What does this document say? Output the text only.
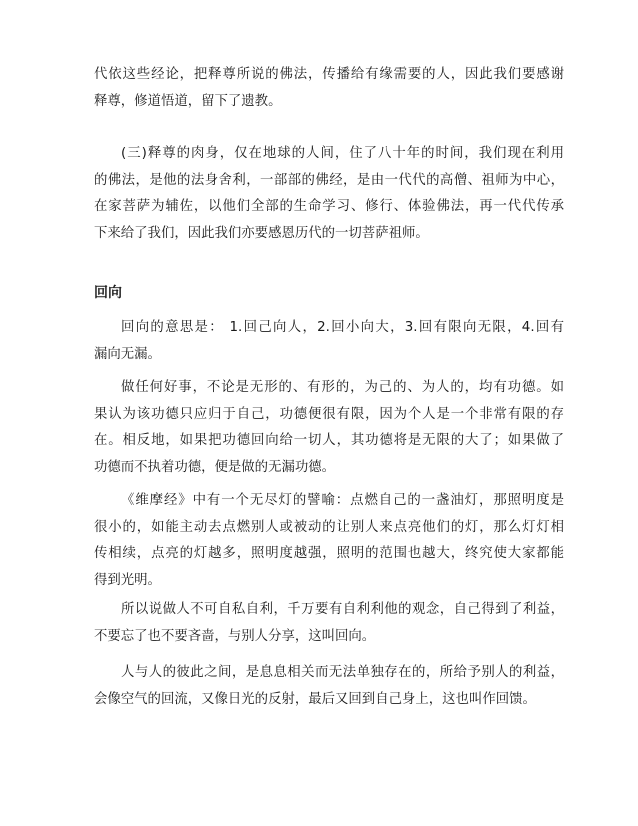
代依这些经论，把释尊所说的佛法，传播给有缘需要的人，因此我们要感谢
释尊，修道悟道，留下了遗教。

(三)释尊的肉身，仅在地球的人间，住了八十年的时间，我们现在利用
的佛法，是他的法身舍利，一部部的佛经，是由一代代的高僧、祖师为中心，
在家菩萨为辅佐，以他们全部的生命学习、修行、体验佛法，再一代代传承
下来给了我们，因此我们亦要感恩历代的一切菩萨祖师。

回向

回向的意思是： 1.回己向人，2.回小向大，3.回有限向无限，4.回有
漏向无漏。

做任何好事，不论是无形的、有形的，为己的、为人的，均有功德。如
果认为该功德只应归于自己，功德便很有限，因为个人是一个非常有限的存
在。相反地，如果把功德回向给一切人，其功德将是无限的大了；如果做了
功德而不执着功德，便是做的无漏功德。

《维摩经》中有一个无尽灯的譬喻：点燃自己的一盏油灯，那照明度是
很小的，如能主动去点燃别人或被动的让别人来点亮他们的灯，那么灯灯相
传相续，点亮的灯越多，照明度越强，照明的范围也越大，终究使大家都能
得到光明。

所以说做人不可自私自利，千万要有自利利他的观念，自己得到了利益，
不要忘了也不要吝啬，与别人分享，这叫回向。

人与人的彼此之间，是息息相关而无法单独存在的，所给予别人的利益，
会像空气的回流，又像日光的反射，最后又回到自己身上，这也叫作回馈。
